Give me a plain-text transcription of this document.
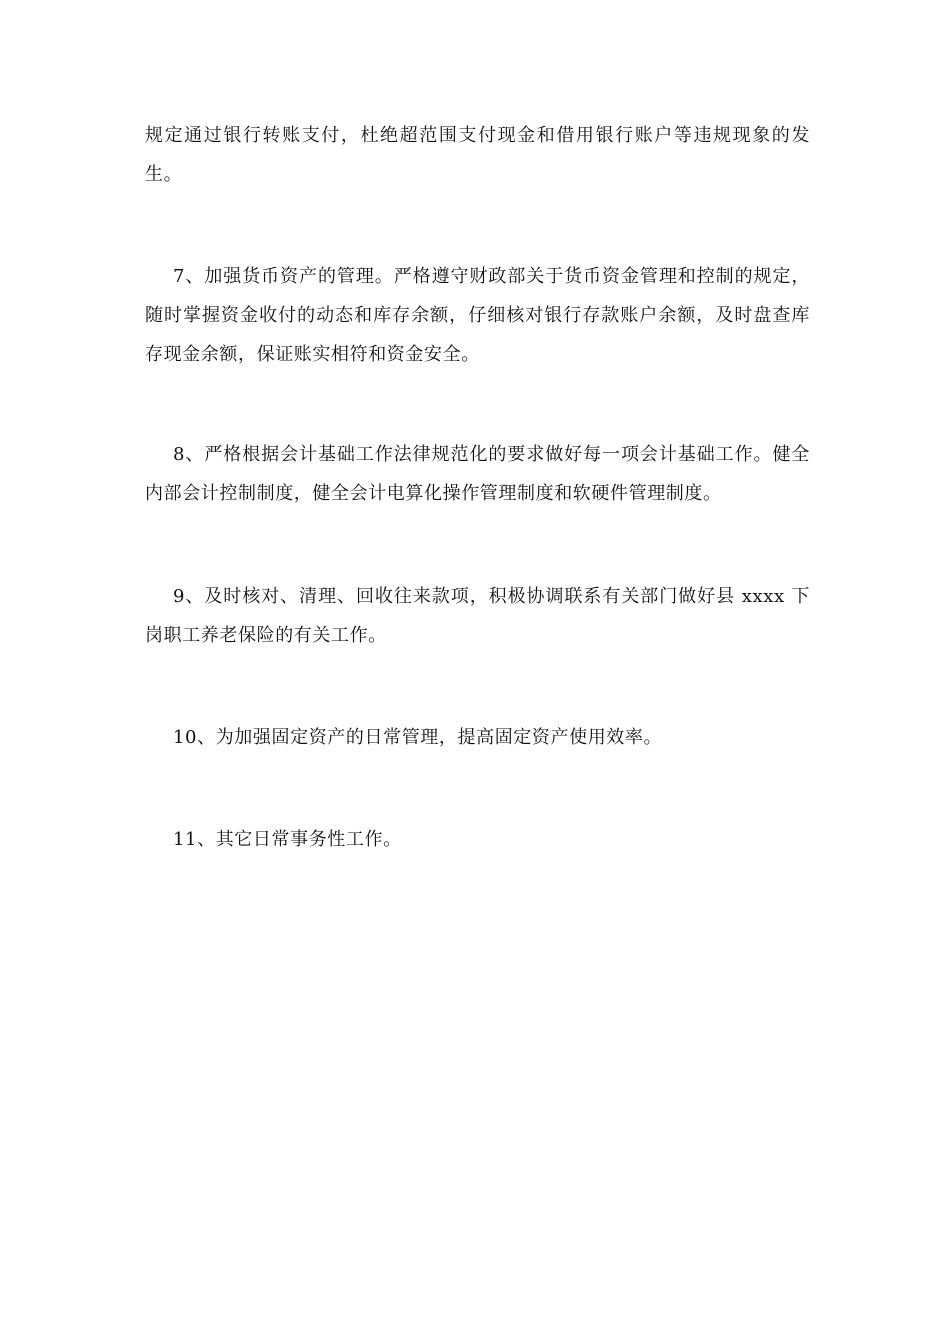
规定通过银行转账支付，杜绝超范围支付现金和借用银行账户等违规现象的发生。

7、加强货币资产的管理。严格遵守财政部关于货币资金管理和控制的规定，随时掌握资金收付的动态和库存余额，仔细核对银行存款账户余额，及时盘查库存现金余额，保证账实相符和资金安全。

8、严格根据会计基础工作法律规范化的要求做好每一项会计基础工作。健全内部会计控制制度，健全会计电算化操作管理制度和软硬件管理制度。

9、及时核对、清理、回收往来款项，积极协调联系有关部门做好县 xxxx 下岗职工养老保险的有关工作。

10、为加强固定资产的日常管理，提高固定资产使用效率。

11、其它日常事务性工作。
